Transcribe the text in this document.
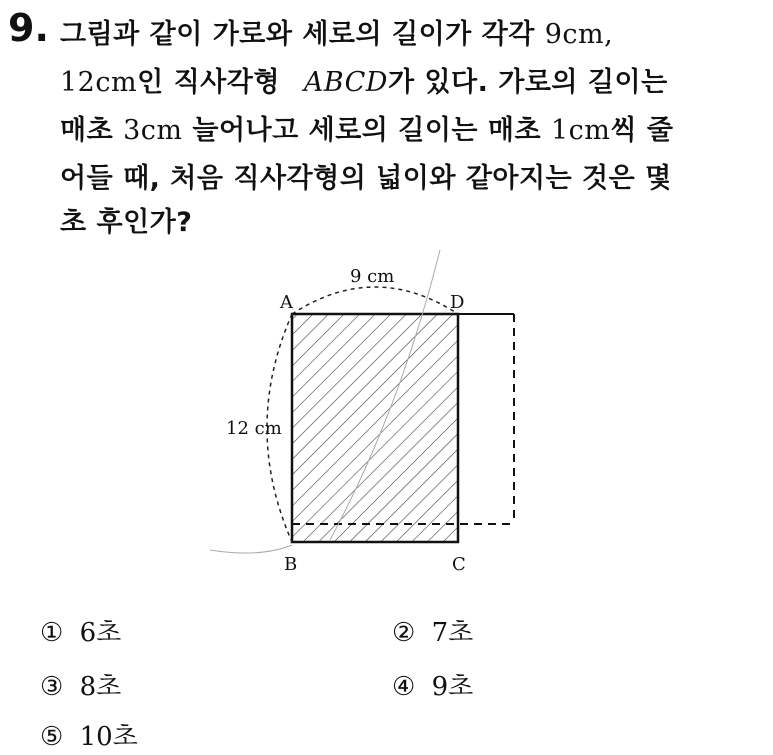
9. 그림과 같이 가로와 세로의 길이가 각각 9cm,
12cm인 직사각형 ABCD가 있다. 가로의 길이는
매초 3cm 늘어나고 세로의 길이는 매초 1cm씩 줄
어들 때, 처음 직사각형의 넓이와 같아지는 것은 몇
초 후인가?
9 cm
12 cm
A	D
B	C
① 6초	② 7초
③ 8초	④ 9초
⑤ 10초
